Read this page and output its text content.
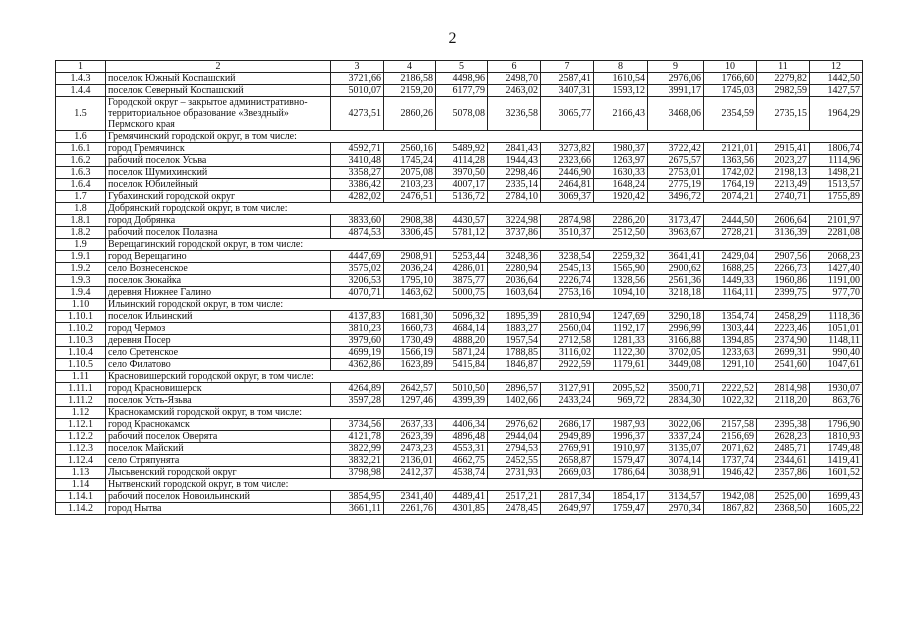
2
1	2	3	4	5	6	7	8	9	10	11	12
1.4.3	поселок Южный Коспашский	3721,66	2186,58	4498,96	2498,70	2587,41	1610,54	2976,06	1766,60	2279,82	1442,50
1.4.4	поселок Северный Коспашский	5010,07	2159,20	6177,79	2463,02	3407,31	1593,12	3991,17	1745,03	2982,59	1427,57
1.5	Городской округ – закрытое административно-территориальное образование «Звездный» Пермского края	4273,51	2860,26	5078,08	3236,58	3065,77	2166,43	3468,06	2354,59	2735,15	1964,29
1.6	Гремячинский городской округ, в том числе:										
1.6.1	город Гремячинск	4592,71	2560,16	5489,92	2841,43	3273,82	1980,37	3722,42	2121,01	2915,41	1806,74
1.6.2	рабочий поселок Усьва	3410,48	1745,24	4114,28	1944,43	2323,66	1263,97	2675,57	1363,56	2023,27	1114,96
1.6.3	поселок Шумихинский	3358,27	2075,08	3970,50	2298,46	2446,90	1630,33	2753,01	1742,02	2198,13	1498,21
1.6.4	поселок Юбилейный	3386,42	2103,23	4007,17	2335,14	2464,81	1648,24	2775,19	1764,19	2213,49	1513,57
1.7	Губахинский городской округ	4282,02	2476,51	5136,72	2784,10	3069,37	1920,42	3496,72	2074,21	2740,71	1755,89
1.8	Добрянский городской округ, в том числе:										
1.8.1	город Добрянка	3833,60	2908,38	4430,57	3224,98	2874,98	2286,20	3173,47	2444,50	2606,64	2101,97
1.8.2	рабочий поселок Полазна	4874,53	3306,45	5781,12	3737,86	3510,37	2512,50	3963,67	2728,21	3136,39	2281,08
1.9	Верещагинский городской округ, в том числе:										
1.9.1	город Верещагино	4447,69	2908,91	5253,44	3248,36	3238,54	2259,32	3641,41	2429,04	2907,56	2068,23
1.9.2	село Вознесенское	3575,02	2036,24	4286,01	2280,94	2545,13	1565,90	2900,62	1688,25	2266,73	1427,40
1.9.3	поселок Зюкайка	3206,53	1795,10	3875,77	2036,64	2226,74	1328,56	2561,36	1449,33	1960,86	1191,00
1.9.4	деревня Нижнее Галино	4070,71	1463,62	5000,75	1603,64	2753,16	1094,10	3218,18	1164,11	2399,75	977,70
1.10	Ильинский городской округ, в том числе:										
1.10.1	поселок Ильинский	4137,83	1681,30	5096,32	1895,39	2810,94	1247,69	3290,18	1354,74	2458,29	1118,36
1.10.2	город Чермоз	3810,23	1660,73	4684,14	1883,27	2560,04	1192,17	2996,99	1303,44	2223,46	1051,01
1.10.3	деревня Посер	3979,60	1730,49	4888,20	1957,54	2712,58	1281,33	3166,88	1394,85	2374,90	1148,11
1.10.4	село Сретенское	4699,19	1566,19	5871,24	1788,85	3116,02	1122,30	3702,05	1233,63	2699,31	990,40
1.10.5	село Филатово	4362,86	1623,89	5415,84	1846,87	2922,59	1179,61	3449,08	1291,10	2541,60	1047,61
1.11	Красновишерский городской округ, в том числе:										
1.11.1	город Красновишерск	4264,89	2642,57	5010,50	2896,57	3127,91	2095,52	3500,71	2222,52	2814,98	1930,07
1.11.2	поселок Усть-Язьва	3597,28	1297,46	4399,39	1402,66	2433,24	969,72	2834,30	1022,32	2118,20	863,76
1.12	Краснокамский городской округ, в том числе:										
1.12.1	город Краснокамск	3734,56	2637,33	4406,34	2976,62	2686,17	1987,93	3022,06	2157,58	2395,38	1796,90
1.12.2	рабочий поселок Оверята	4121,78	2623,39	4896,48	2944,04	2949,89	1996,37	3337,24	2156,69	2628,23	1810,93
1.12.3	поселок Майский	3822,99	2473,23	4553,31	2794,53	2769,91	1910,97	3135,07	2071,62	2485,71	1749,48
1.12.4	село Стряпунята	3832,21	2136,01	4662,75	2452,55	2658,87	1579,47	3074,14	1737,74	2344,61	1419,41
1.13	Лысьвенский городской округ	3798,98	2412,37	4538,74	2731,93	2669,03	1786,64	3038,91	1946,42	2357,86	1601,52
1.14	Нытвенский городской округ, в том числе:										
1.14.1	рабочий поселок Новоильинский	3854,95	2341,40	4489,41	2517,21	2817,34	1854,17	3134,57	1942,08	2525,00	1699,43
1.14.2	город Нытва	3661,11	2261,76	4301,85	2478,45	2649,97	1759,47	2970,34	1867,82	2368,50	1605,22
